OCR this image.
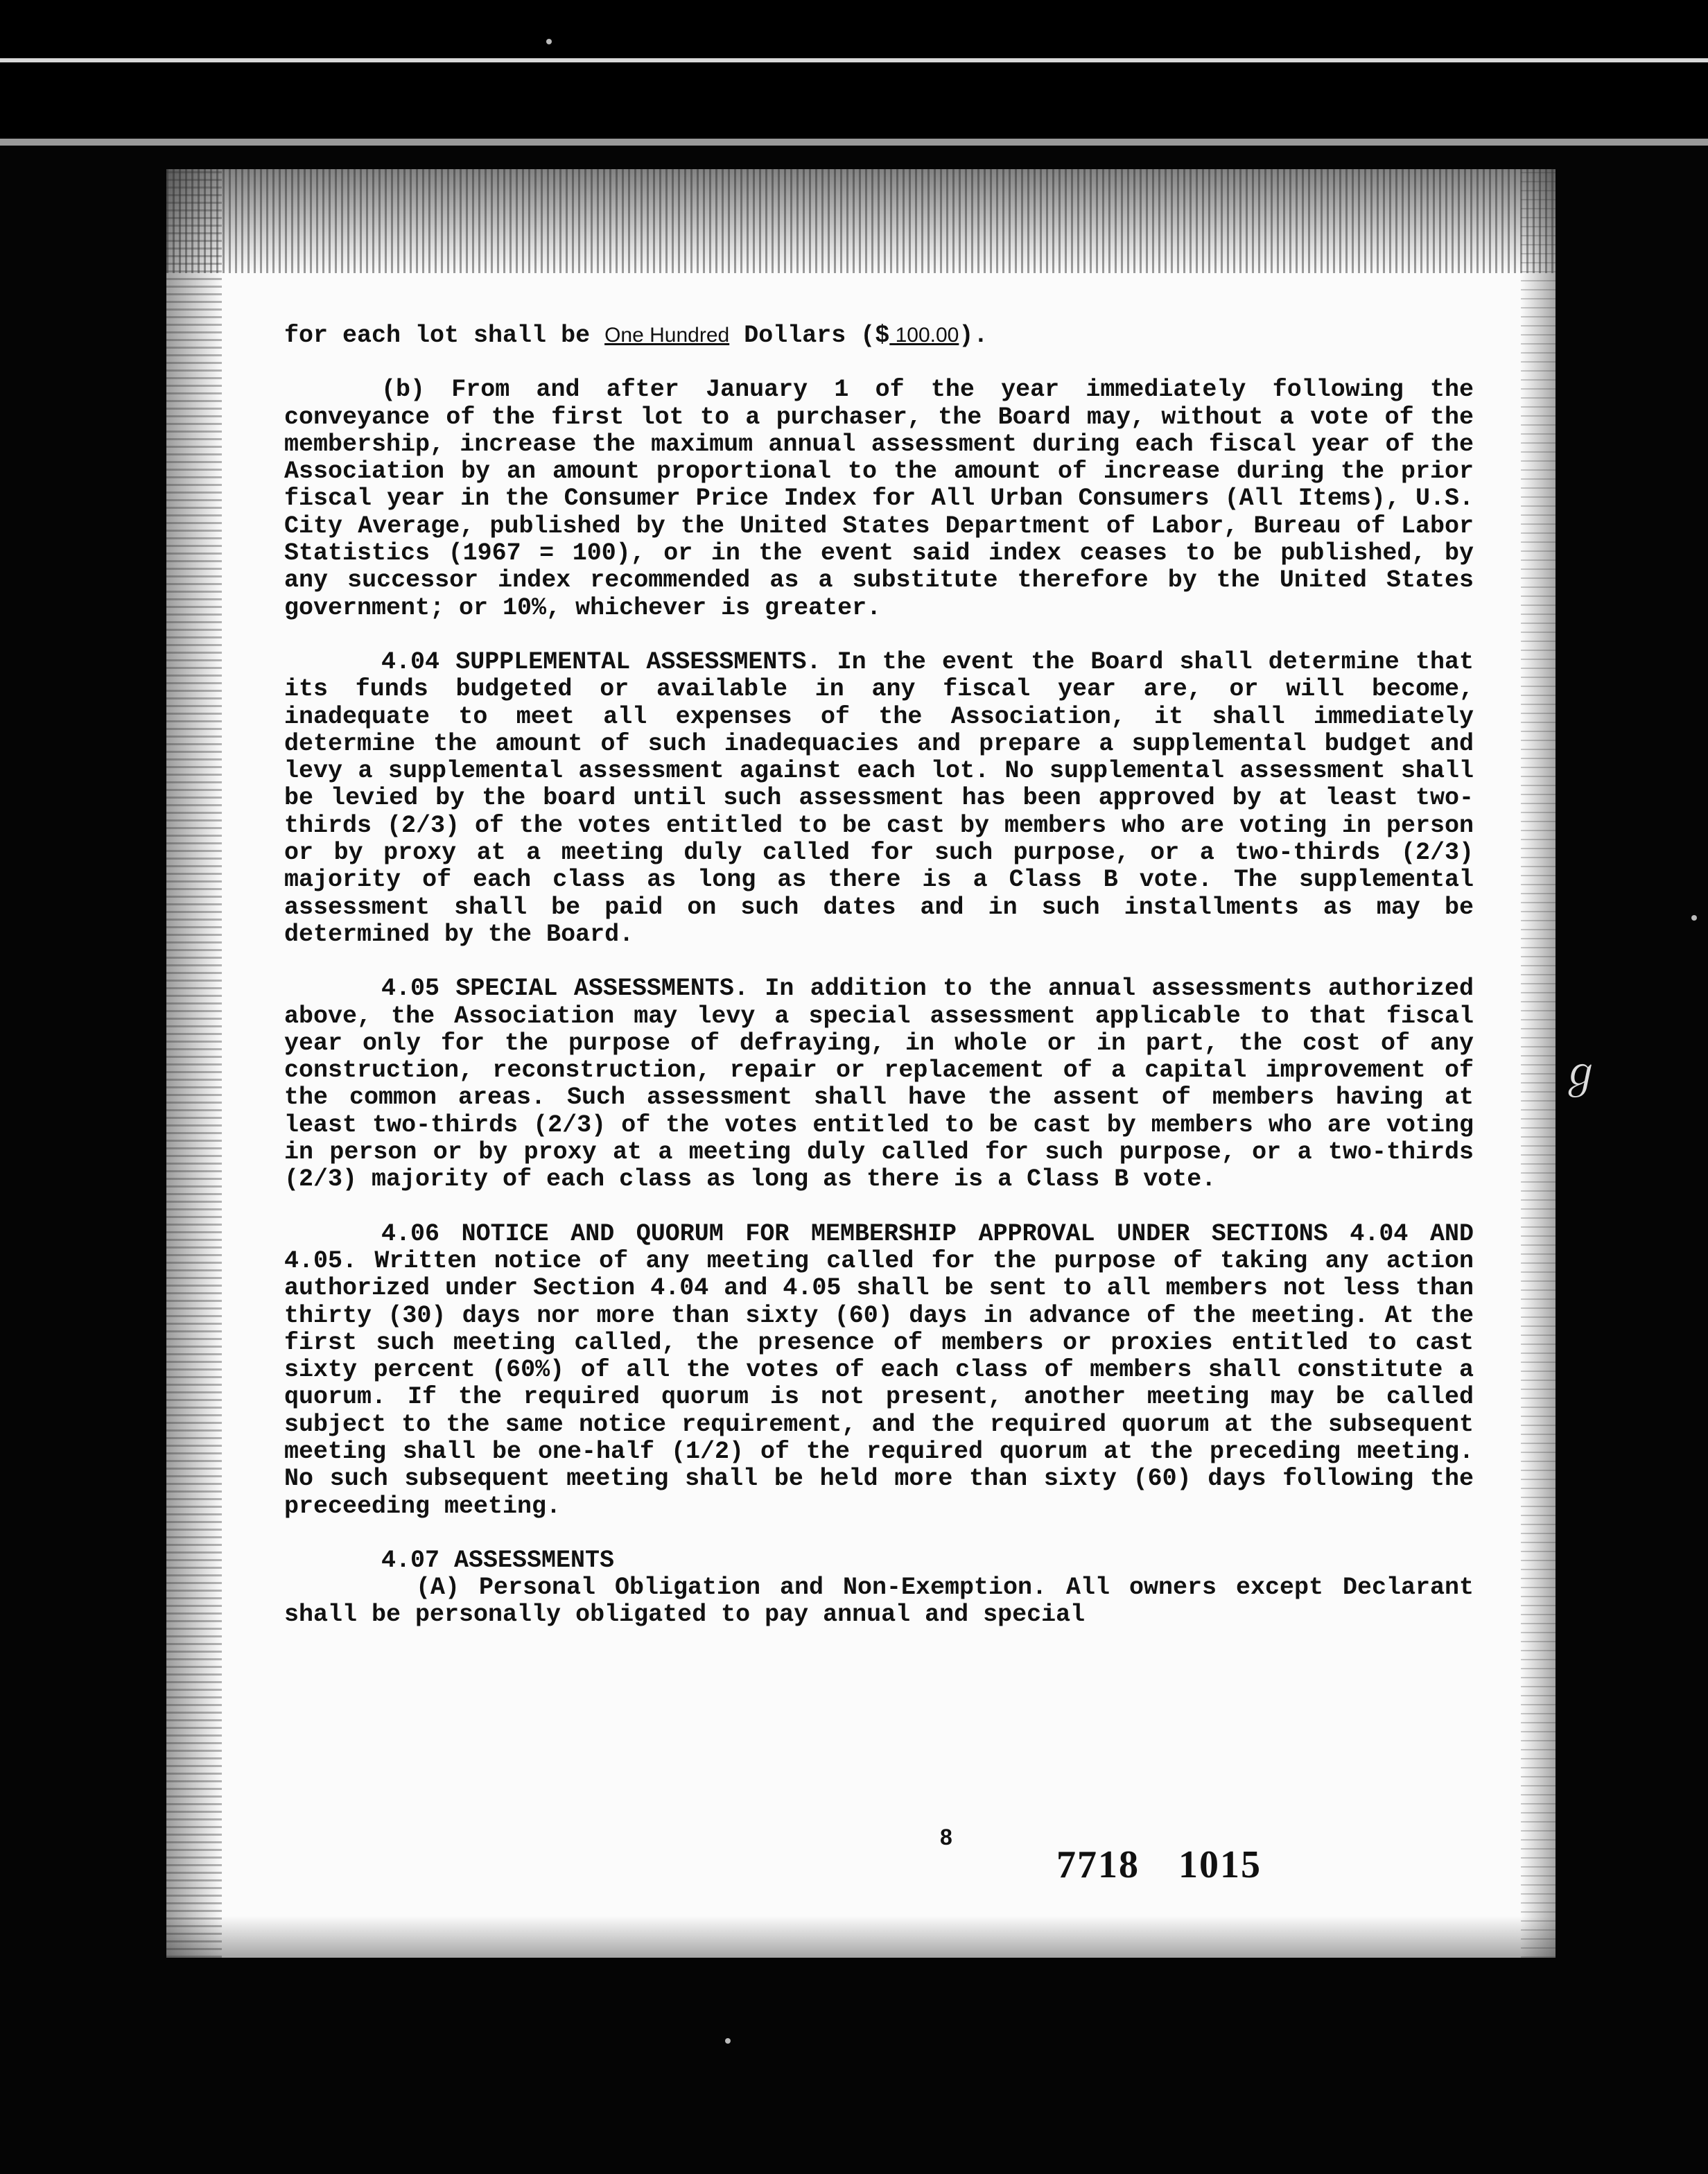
for each lot shall be One Hundred Dollars ($ 100.00).

(b) From and after January 1 of the year immediately following the conveyance of the first lot to a purchaser, the Board may, without a vote of the membership, increase the maximum annual assessment during each fiscal year of the Association by an amount proportional to the amount of increase during the prior fiscal year in the Consumer Price Index for All Urban Consumers (All Items), U.S. City Average, published by the United States Department of Labor, Bureau of Labor Statistics (1967 = 100), or in the event said index ceases to be published, by any successor index recommended as a substitute therefore by the United States government; or 10%, whichever is greater.

4.04 SUPPLEMENTAL ASSESSMENTS. In the event the Board shall determine that its funds budgeted or available in any fiscal year are, or will become, inadequate to meet all expenses of the Association, it shall immediately determine the amount of such inadequacies and prepare a supplemental budget and levy a supplemental assessment against each lot. No supplemental assessment shall be levied by the board until such assessment has been approved by at least two-thirds (2/3) of the votes entitled to be cast by members who are voting in person or by proxy at a meeting duly called for such purpose, or a two-thirds (2/3) majority of each class as long as there is a Class B vote. The supplemental assessment shall be paid on such dates and in such installments as may be determined by the Board.

4.05 SPECIAL ASSESSMENTS. In addition to the annual assessments authorized above, the Association may levy a special assessment applicable to that fiscal year only for the purpose of defraying, in whole or in part, the cost of any construction, reconstruction, repair or replacement of a capital improvement of the common areas. Such assessment shall have the assent of members having at least two-thirds (2/3) of the votes entitled to be cast by members who are voting in person or by proxy at a meeting duly called for such purpose, or a two-thirds (2/3) majority of each class as long as there is a Class B vote.

4.06 NOTICE AND QUORUM FOR MEMBERSHIP APPROVAL UNDER SECTIONS 4.04 AND 4.05. Written notice of any meeting called for the purpose of taking any action authorized under Section 4.04 and 4.05 shall be sent to all members not less than thirty (30) days nor more than sixty (60) days in advance of the meeting. At the first such meeting called, the presence of members or proxies entitled to cast sixty percent (60%) of all the votes of each class of members shall constitute a quorum. If the required quorum is not present, another meeting may be called subject to the same notice requirement, and the required quorum at the subsequent meeting shall be one-half (1/2) of the required quorum at the preceding meeting. No such subsequent meeting shall be held more than sixty (60) days following the preceeding meeting.

4.07 ASSESSMENTS

(A) Personal Obligation and Non-Exemption. All owners except Declarant shall be personally obligated to pay annual and special

8
7718 1015
ℊ
